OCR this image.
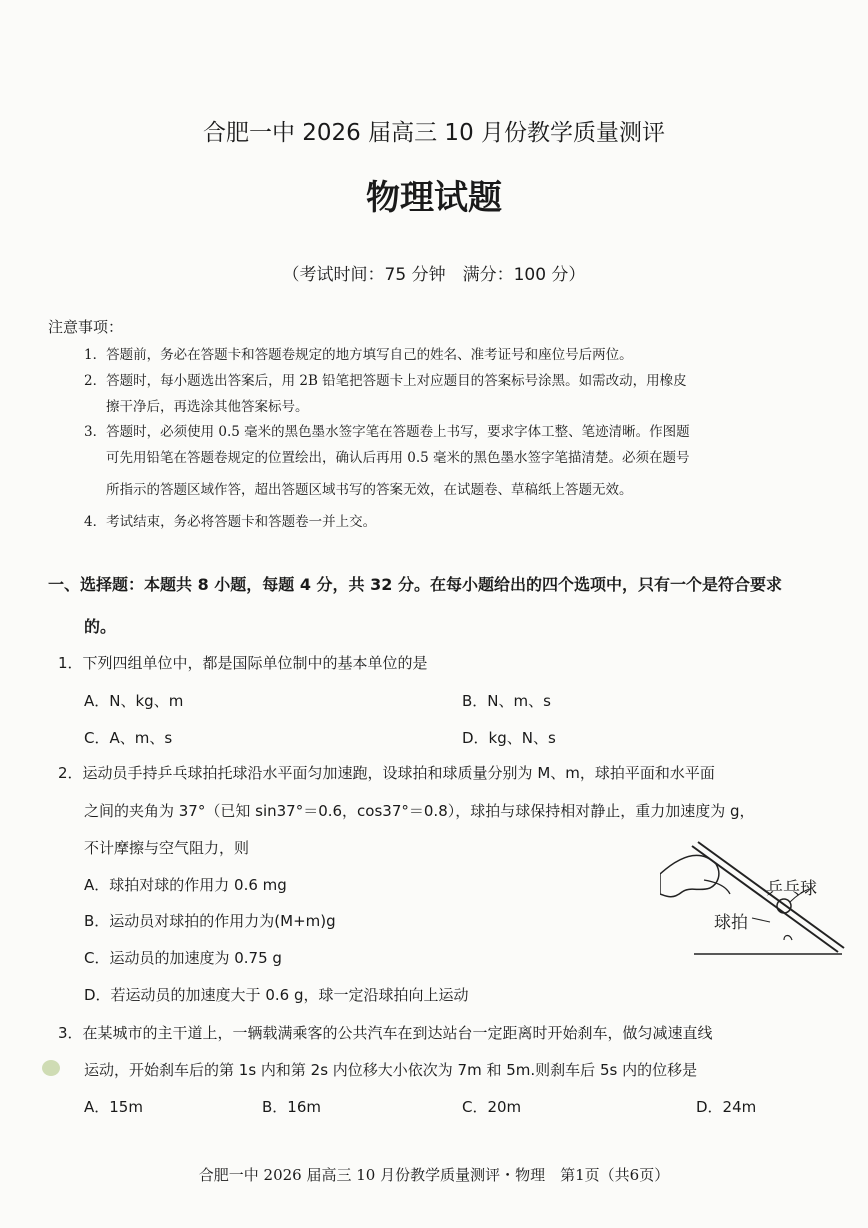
合肥一中 2026 届高三 10 月份教学质量测评
物理试题
（考试时间：75 分钟　满分：100 分）
注意事项：
1．答题前，务必在答题卡和答题卷规定的地方填写自己的姓名、准考证号和座位号后两位。
2．答题时，每小题选出答案后，用 2B 铅笔把答题卡上对应题目的答案标号涂黑。如需改动，用橡皮
擦干净后，再选涂其他答案标号。
3．答题时，必须使用 0.5 毫米的黑色墨水签字笔在答题卷上书写，要求字体工整、笔迹清晰。作图题
可先用铅笔在答题卷规定的位置绘出，确认后再用 0.5 毫米的黑色墨水签字笔描清楚。必须在题号
所指示的答题区域作答，超出答题区域书写的答案无效，在试题卷、草稿纸上答题无效。
4．考试结束，务必将答题卡和答题卷一并上交。
一、选择题：本题共 8 小题，每题 4 分，共 32 分。在每小题给出的四个选项中，只有一个是符合要求
的。
1．下列四组单位中，都是国际单位制中的基本单位的是
A．N、kg、m	B．N、m、s
C．A、m、s	D．kg、N、s
2．运动员手持乒乓球拍托球沿水平面匀加速跑，设球拍和球质量分别为 M、m，球拍平面和水平面
之间的夹角为 37°（已知 sin37°＝0.6，cos37°＝0.8），球拍与球保持相对静止，重力加速度为 g，
不计摩擦与空气阻力，则
A．球拍对球的作用力 0.6 mg
B．运动员对球拍的作用力为(M+m)g
C．运动员的加速度为 0.75 g
D．若运动员的加速度大于 0.6 g，球一定沿球拍向上运动
乒乓球
球拍
3．在某城市的主干道上，一辆载满乘客的公共汽车在到达站台一定距离时开始刹车，做匀减速直线
运动，开始刹车后的第 1s 内和第 2s 内位移大小依次为 7m 和 5m.则刹车后 5s 内的位移是
A．15m	B．16m	C．20m	D．24m
合肥一中 2026 届高三 10 月份教学质量测评・物理　第1页（共6页）
